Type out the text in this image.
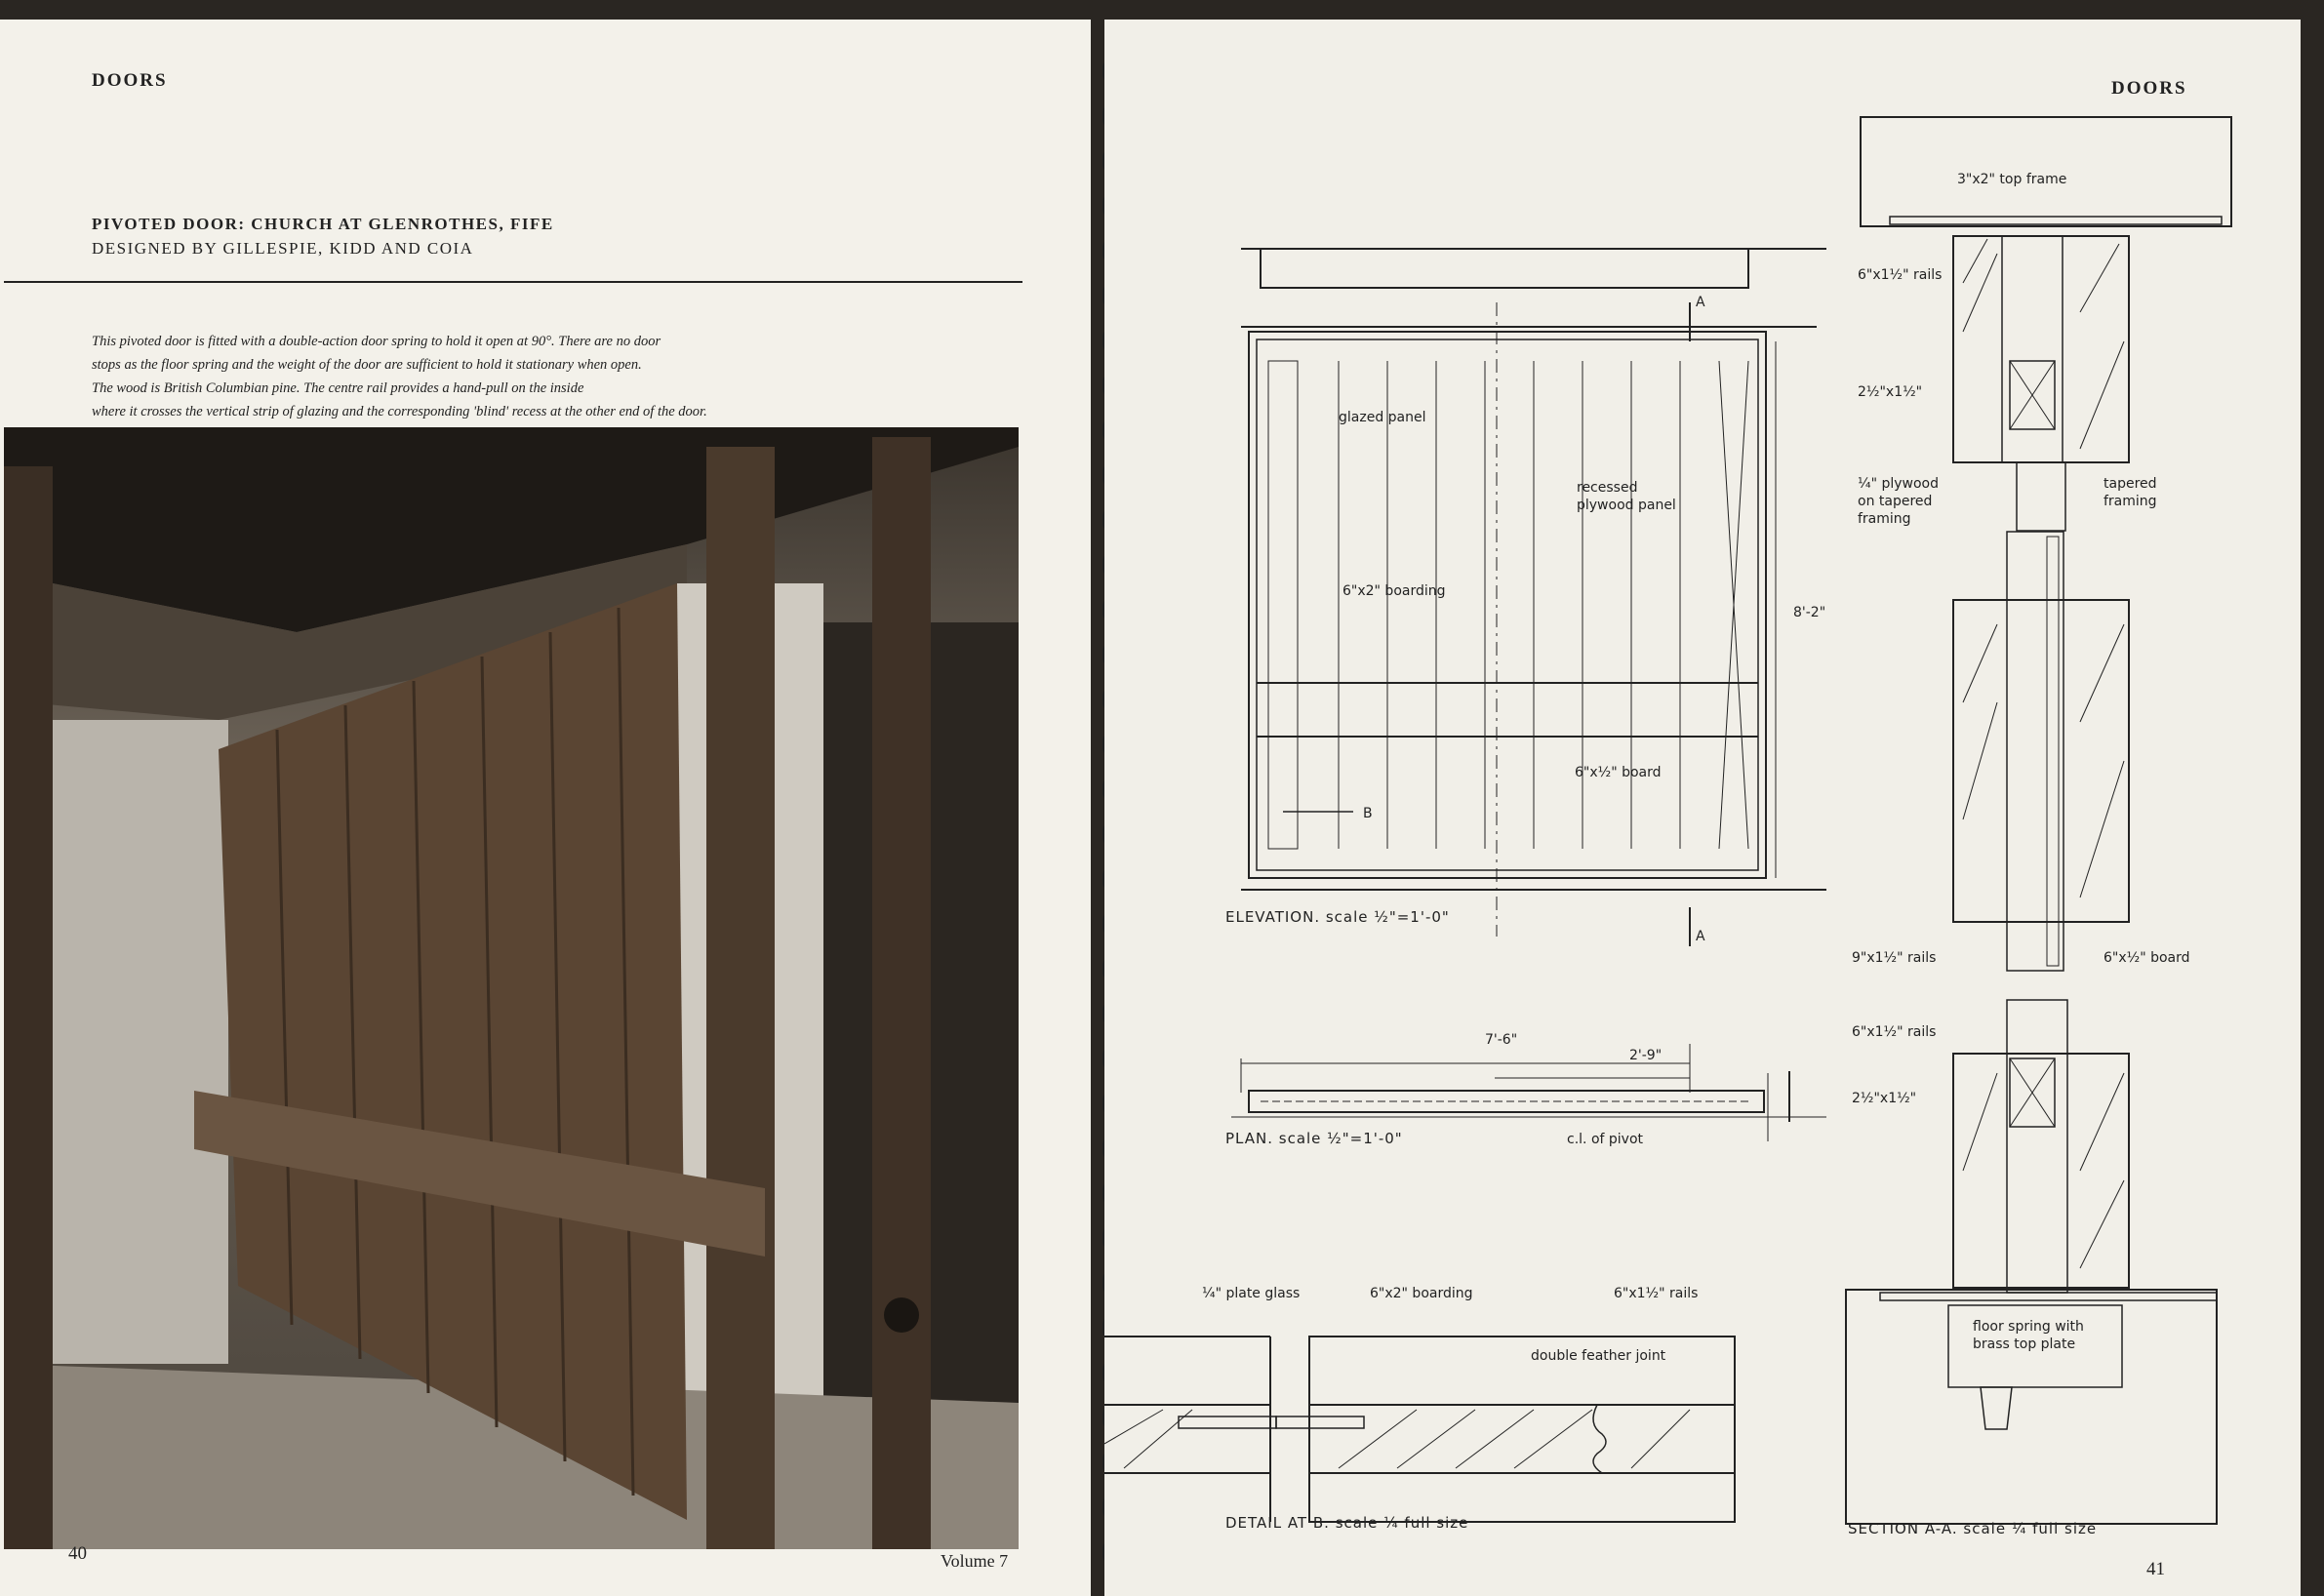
DOORS
PIVOTED DOOR: CHURCH AT GLENROTHES, FIFE
DESIGNED BY GILLESPIE, KIDD AND COIA
This pivoted door is fitted with a double-action door spring to hold it open at 90°. There are no door
stops as the floor spring and the weight of the door are sufficient to hold it stationary when open.
The wood is British Columbian pine. The centre rail provides a hand-pull on the inside
where it crosses the vertical strip of glazing and the corresponding 'blind' recess at the other end of the door.
40	Volume 7
DOORS
glazed panel
recessed
plywood panel
6"x2" boarding
8'-2"
6"x½" board
B
A
A
ELEVATION. scale ½"=1'-0"
7'-6"
2'-9"
c.l. of pivot
PLAN. scale ½"=1'-0"
¼" plate glass	6"x2" boarding	6"x1½" rails
double feather joint
DETAIL AT B. scale ¼ full size
3"x2" top frame
6"x1½" rails
2½"x1½"
¼" plywood
on tapered
framing
tapered
framing
9"x1½" rails	6"x½" board
6"x1½" rails
2½"x1½"
floor spring with
brass top plate
SECTION A-A. scale ¼ full size
41
